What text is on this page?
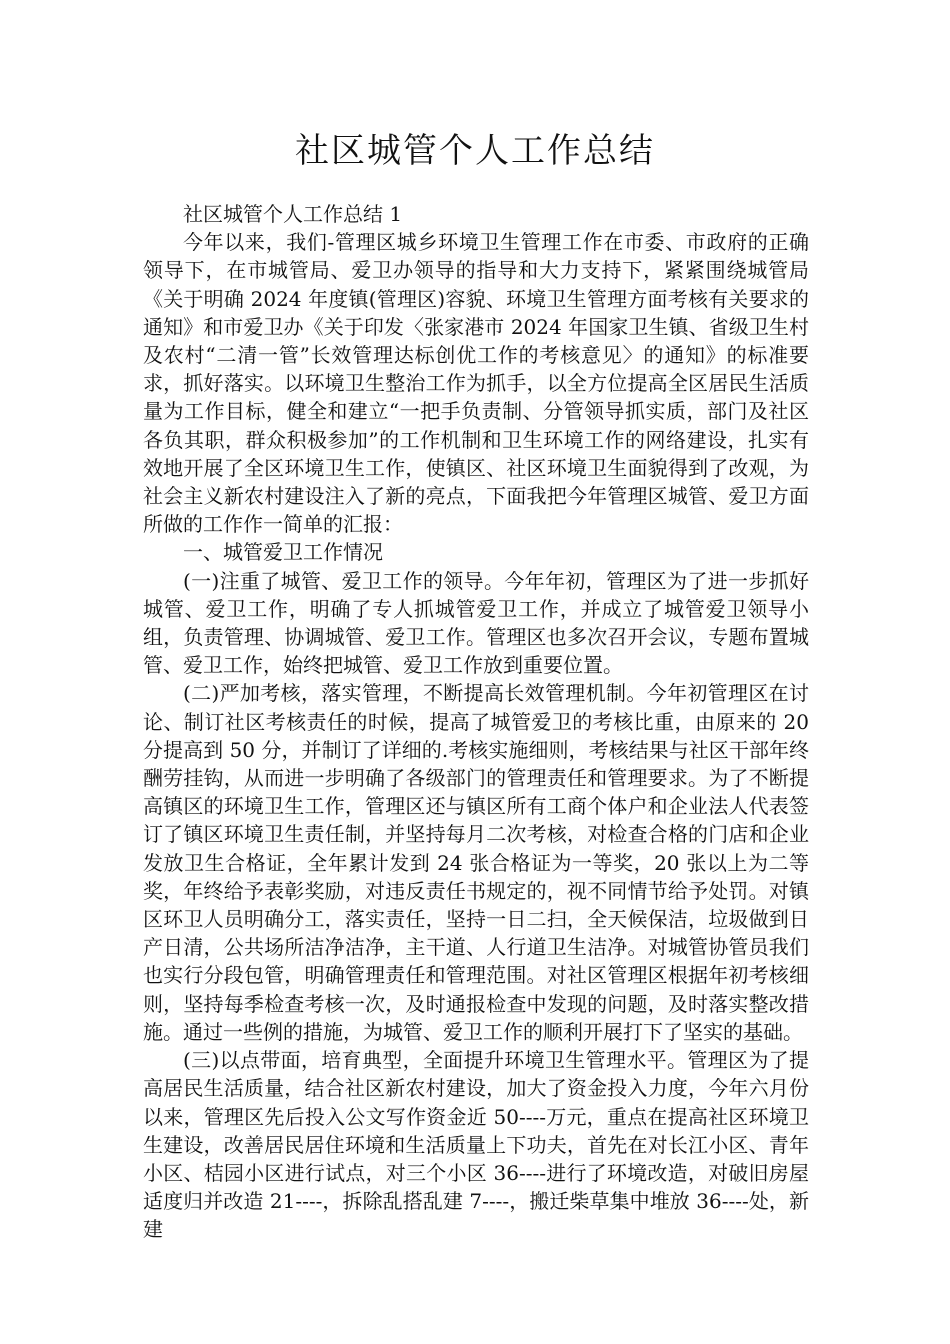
社区城管个人工作总结

社区城管个人工作总结 1

今年以来，我们-管理区城乡环境卫生管理工作在市委、市政府的正确领导下，在市城管局、爱卫办领导的指导和大力支持下，紧紧围绕城管局《关于明确 2024 年度镇(管理区)容貌、环境卫生管理方面考核有关要求的通知》和市爱卫办《关于印发〈张家港市 2024 年国家卫生镇、省级卫生村及农村“二清一管”长效管理达标创优工作的考核意见〉的通知》的标准要求，抓好落实。以环境卫生整治工作为抓手，以全方位提高全区居民生活质量为工作目标，健全和建立“一把手负责制、分管领导抓实质，部门及社区各负其职，群众积极参加”的工作机制和卫生环境工作的网络建设，扎实有效地开展了全区环境卫生工作，使镇区、社区环境卫生面貌得到了改观，为社会主义新农村建设注入了新的亮点，下面我把今年管理区城管、爱卫方面所做的工作作一简单的汇报：

一、城管爱卫工作情况

(一)注重了城管、爱卫工作的领导。今年年初，管理区为了进一步抓好城管、爱卫工作，明确了专人抓城管爱卫工作，并成立了城管爱卫领导小组，负责管理、协调城管、爱卫工作。管理区也多次召开会议，专题布置城管、爱卫工作，始终把城管、爱卫工作放到重要位置。

(二)严加考核，落实管理，不断提高长效管理机制。今年初管理区在讨论、制订社区考核责任的时候，提高了城管爱卫的考核比重，由原来的 20 分提高到 50 分，并制订了详细的.考核实施细则，考核结果与社区干部年终酬劳挂钩，从而进一步明确了各级部门的管理责任和管理要求。为了不断提高镇区的环境卫生工作，管理区还与镇区所有工商个体户和企业法人代表签订了镇区环境卫生责任制，并坚持每月二次考核，对检查合格的门店和企业发放卫生合格证，全年累计发到 24 张合格证为一等奖，20 张以上为二等奖，年终给予表彰奖励，对违反责任书规定的，视不同情节给予处罚。对镇区环卫人员明确分工，落实责任，坚持一日二扫，全天候保洁，垃圾做到日产日清，公共场所洁净洁净，主干道、人行道卫生洁净。对城管协管员我们也实行分段包管，明确管理责任和管理范围。对社区管理区根据年初考核细则，坚持每季检查考核一次，及时通报检查中发现的问题，及时落实整改措施。通过一些例的措施，为城管、爱卫工作的顺利开展打下了坚实的基础。

(三)以点带面，培育典型，全面提升环境卫生管理水平。管理区为了提高居民生活质量，结合社区新农村建设，加大了资金投入力度，今年六月份以来，管理区先后投入公文写作资金近 50----万元，重点在提高社区环境卫生建设，改善居民居住环境和生活质量上下功夫，首先在对长江小区、青年小区、桔园小区进行试点，对三个小区 36----进行了环境改造，对破旧房屋适度归并改造 21----，拆除乱搭乱建 7----，搬迁柴草集中堆放 36----处，新建
